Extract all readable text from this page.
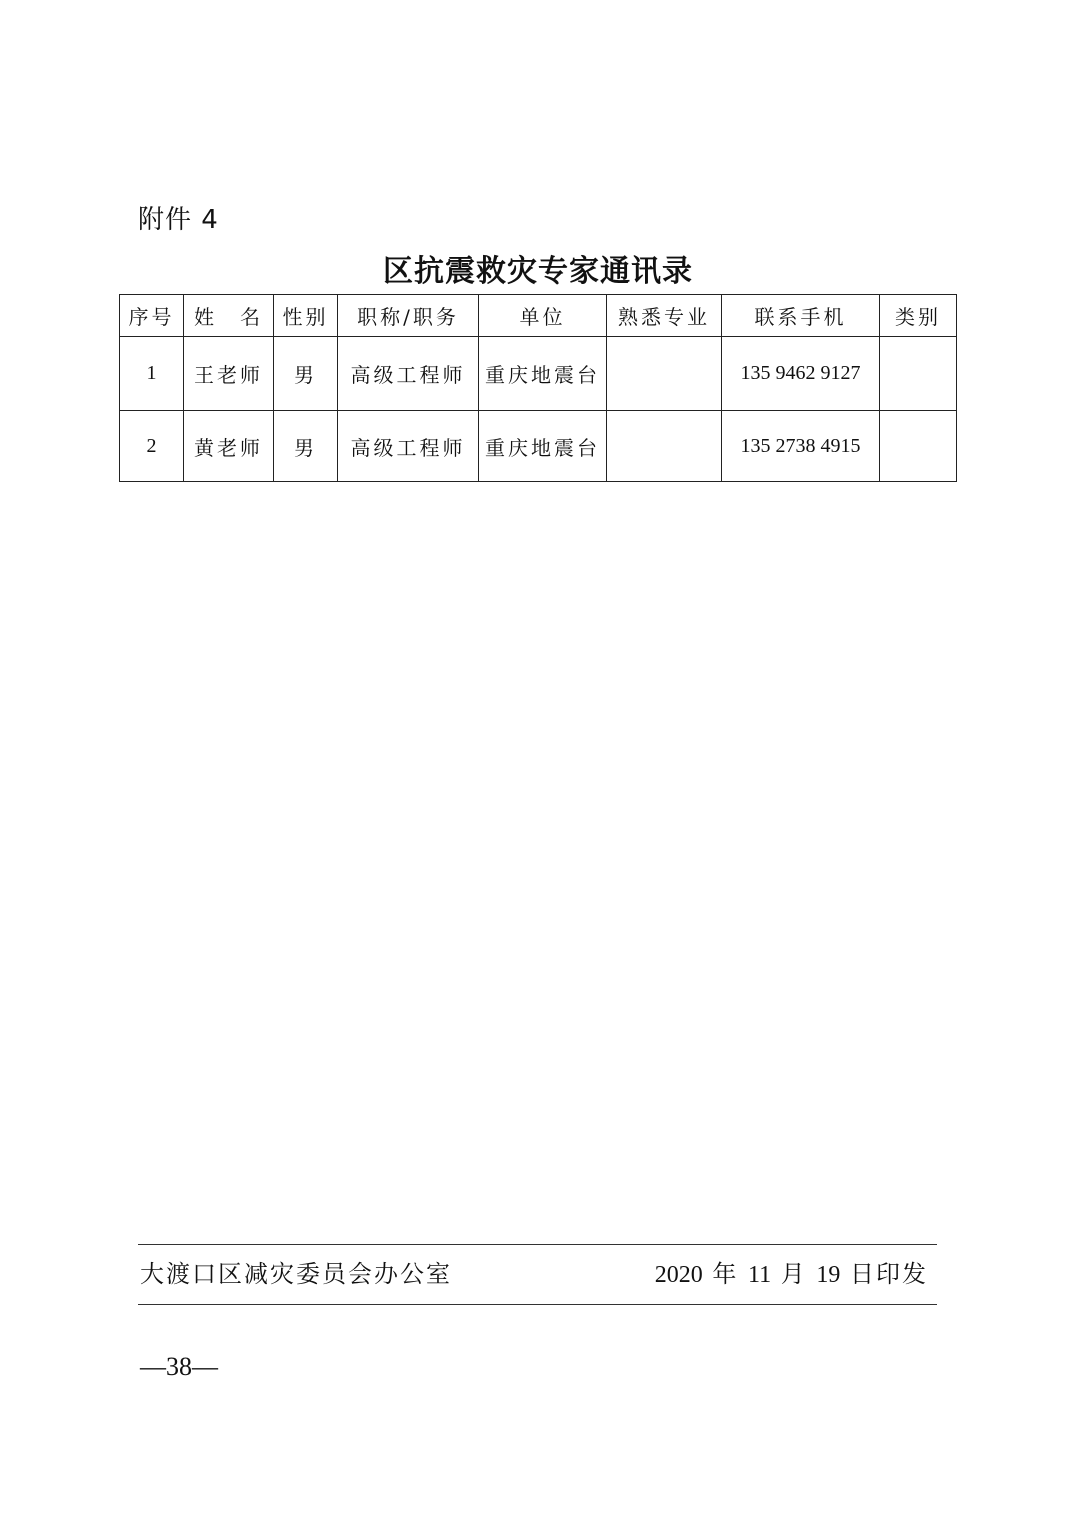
附件 4
区抗震救灾专家通讯录
序号	姓　名	性别	职称/职务	单位	熟悉专业	联系手机	类别
1	王老师	男	高级工程师	重庆地震台		135 9462 9127	
2	黄老师	男	高级工程师	重庆地震台		135 2738 4915	
大渡口区减灾委员会办公室	2020 年 11 月 19 日印发
—38—
